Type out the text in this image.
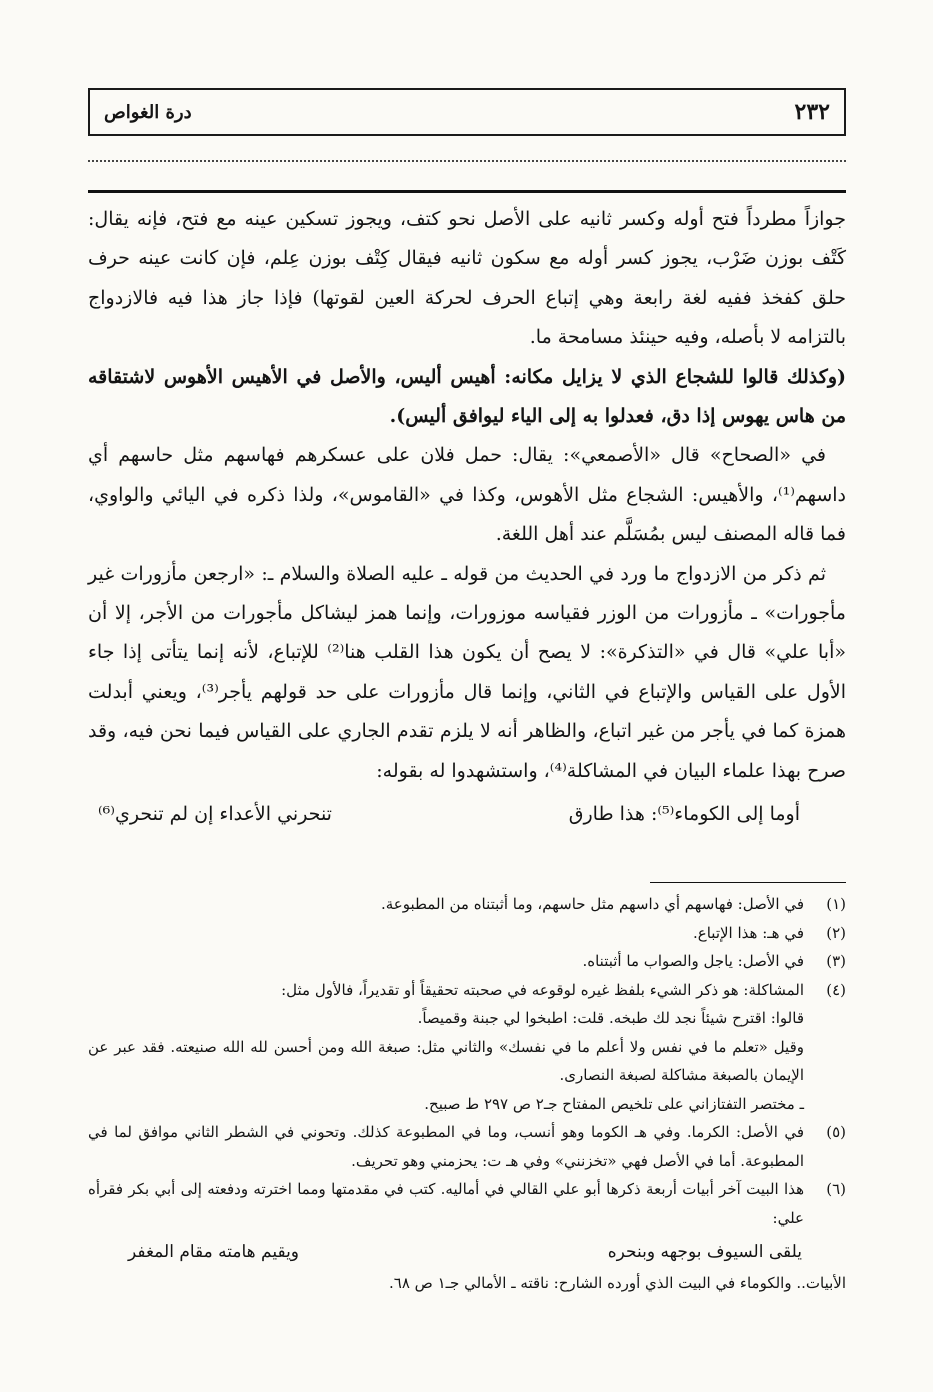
٢٣٢
درة الغواص

جوازاً مطرداً فتح أوله وكسر ثانيه على الأصل نحو كتف، ويجوز تسكين عينه مع فتح، فإنه يقال: كَتْف بوزن ضَرْب، يجوز كسر أوله مع سكون ثانيه فيقال كِتْف بوزن عِلم، فإن كانت عينه حرف حلق كفخذ ففيه لغة رابعة وهي إتباع الحرف لحركة العين لقوتها) فإذا جاز هذا فيه فالازدواج بالتزامه لا بأصله، وفيه حينئذ مسامحة ما.

(وكذلك قالوا للشجاع الذي لا يزايل مكانه: أهيس أليس، والأصل في الأهيس الأهوس لاشتقاقه من هاس يهوس إذا دق، فعدلوا به إلى الياء ليوافق أليس).

في «الصحاح» قال «الأصمعي»: يقال: حمل فلان على عسكرهم فهاسهم مثل حاسهم أي داسهم⁽¹⁾، والأهيس: الشجاع مثل الأهوس، وكذا في «القاموس»، ولذا ذكره في اليائي والواوي، فما قاله المصنف ليس بمُسَلَّم عند أهل اللغة.

ثم ذكر من الازدواج ما ورد في الحديث من قوله ـ عليه الصلاة والسلام ـ: «ارجعن مأزورات غير مأجورات» ـ مأزورات من الوزر فقياسه موزورات، وإنما همز ليشاكل مأجورات من الأجر، إلا أن «أبا علي» قال في «التذكرة»: لا يصح أن يكون هذا القلب هنا⁽²⁾ للإتباع، لأنه إنما يتأتى إذا جاء الأول على القياس والإتباع في الثاني، وإنما قال مأزورات على حد قولهم يأجر⁽³⁾، ويعني أبدلت همزة كما في يأجر من غير اتباع، والظاهر أنه لا يلزم تقدم الجاري على القياس فيما نحن فيه، وقد صرح بهذا علماء البيان في المشاكلة⁽⁴⁾، واستشهدوا له بقوله:

أوما إلى الكوماء⁽⁵⁾: هذا طارق
تنحرني الأعداء إن لم تنحري⁽⁶⁾
(١)
في الأصل: فهاسهم أي داسهم مثل حاسهم، وما أثبتناه من المطبوعة.
(٢)
في هـ: هذا الإتباع.
(٣)
في الأصل: ياجل والصواب ما أثبتناه.
(٤)
المشاكلة: هو ذكر الشيء بلفظ غيره لوقوعه في صحبته تحقيقاً أو تقديراً، فالأول مثل:
قالوا: اقترح شيئاً نجد لك طبخه. قلت: اطبخوا لي جبنة وقميصاً.
وقيل «تعلم ما في نفس ولا أعلم ما في نفسك» والثاني مثل: صبغة الله ومن أحسن لله الله صنيعته. فقد عبر عن الإيمان بالصبغة مشاكلة لصبغة النصارى.
ـ مختصر التفتازاني على تلخيص المفتاح جـ٢ ص ٢٩٧ ط صبيح.
(٥)
في الأصل: الكرما. وفي هـ الكوما وهو أنسب، وما في المطبوعة كذلك. وتحوني في الشطر الثاني موافق لما في المطبوعة. أما في الأصل فهي «تخزنني» وفي هـ ت: يحزمني وهو تحريف.
(٦)
هذا البيت آخر أبيات أربعة ذكرها أبو علي القالي في أماليه. كتب في مقدمتها ومما اخترته ودفعته إلى أبي بكر فقرأه علي:
يلقى السيوف بوجهه وبنحره
ويقيم هامته مقام المغفر
الأبيات.. والكوماء في البيت الذي أورده الشارح: ناقته ـ الأمالي جـ١ ص ٦٨.
